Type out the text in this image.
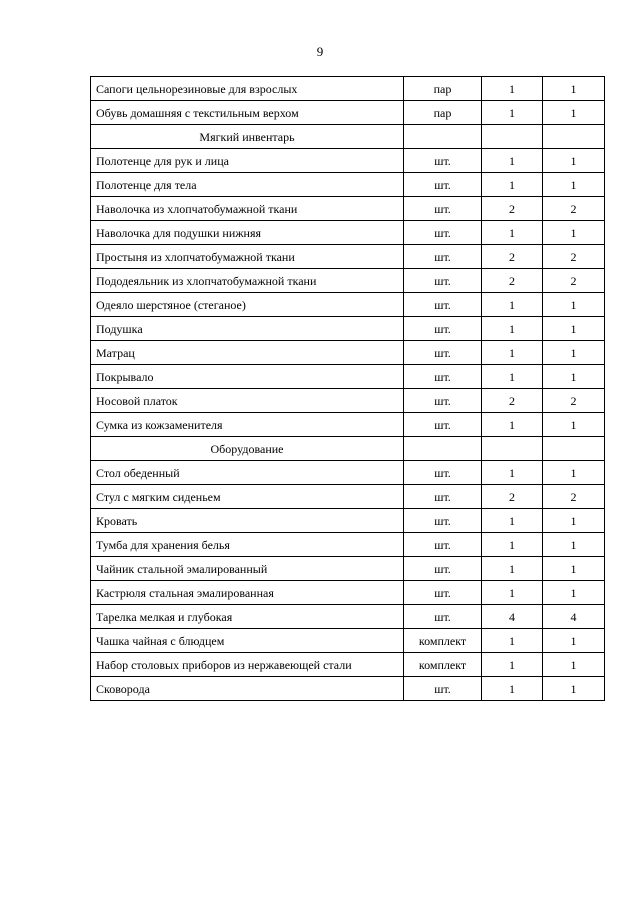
9
Сапоги цельнорезиновые для взрослых	пар	1	1
Обувь домашняя с текстильным верхом	пар	1	1
Мягкий инвентарь			
Полотенце для рук и лица	шт.	1	1
Полотенце для тела	шт.	1	1
Наволочка из хлопчатобумажной ткани	шт.	2	2
Наволочка для подушки нижняя	шт.	1	1
Простыня из хлопчатобумажной ткани	шт.	2	2
Пододеяльник из хлопчатобумажной ткани	шт.	2	2
Одеяло шерстяное (стеганое)	шт.	1	1
Подушка	шт.	1	1
Матрац	шт.	1	1
Покрывало	шт.	1	1
Носовой платок	шт.	2	2
Сумка из кожзаменителя	шт.	1	1
Оборудование			
Стол обеденный	шт.	1	1
Стул с мягким сиденьем	шт.	2	2
Кровать	шт.	1	1
Тумба для хранения белья	шт.	1	1
Чайник стальной эмалированный	шт.	1	1
Кастрюля стальная эмалированная	шт.	1	1
Тарелка мелкая и глубокая	шт.	4	4
Чашка чайная с блюдцем	комплект	1	1
Набор столовых приборов из нержавеющей стали	комплект	1	1
Сковорода	шт.	1	1
